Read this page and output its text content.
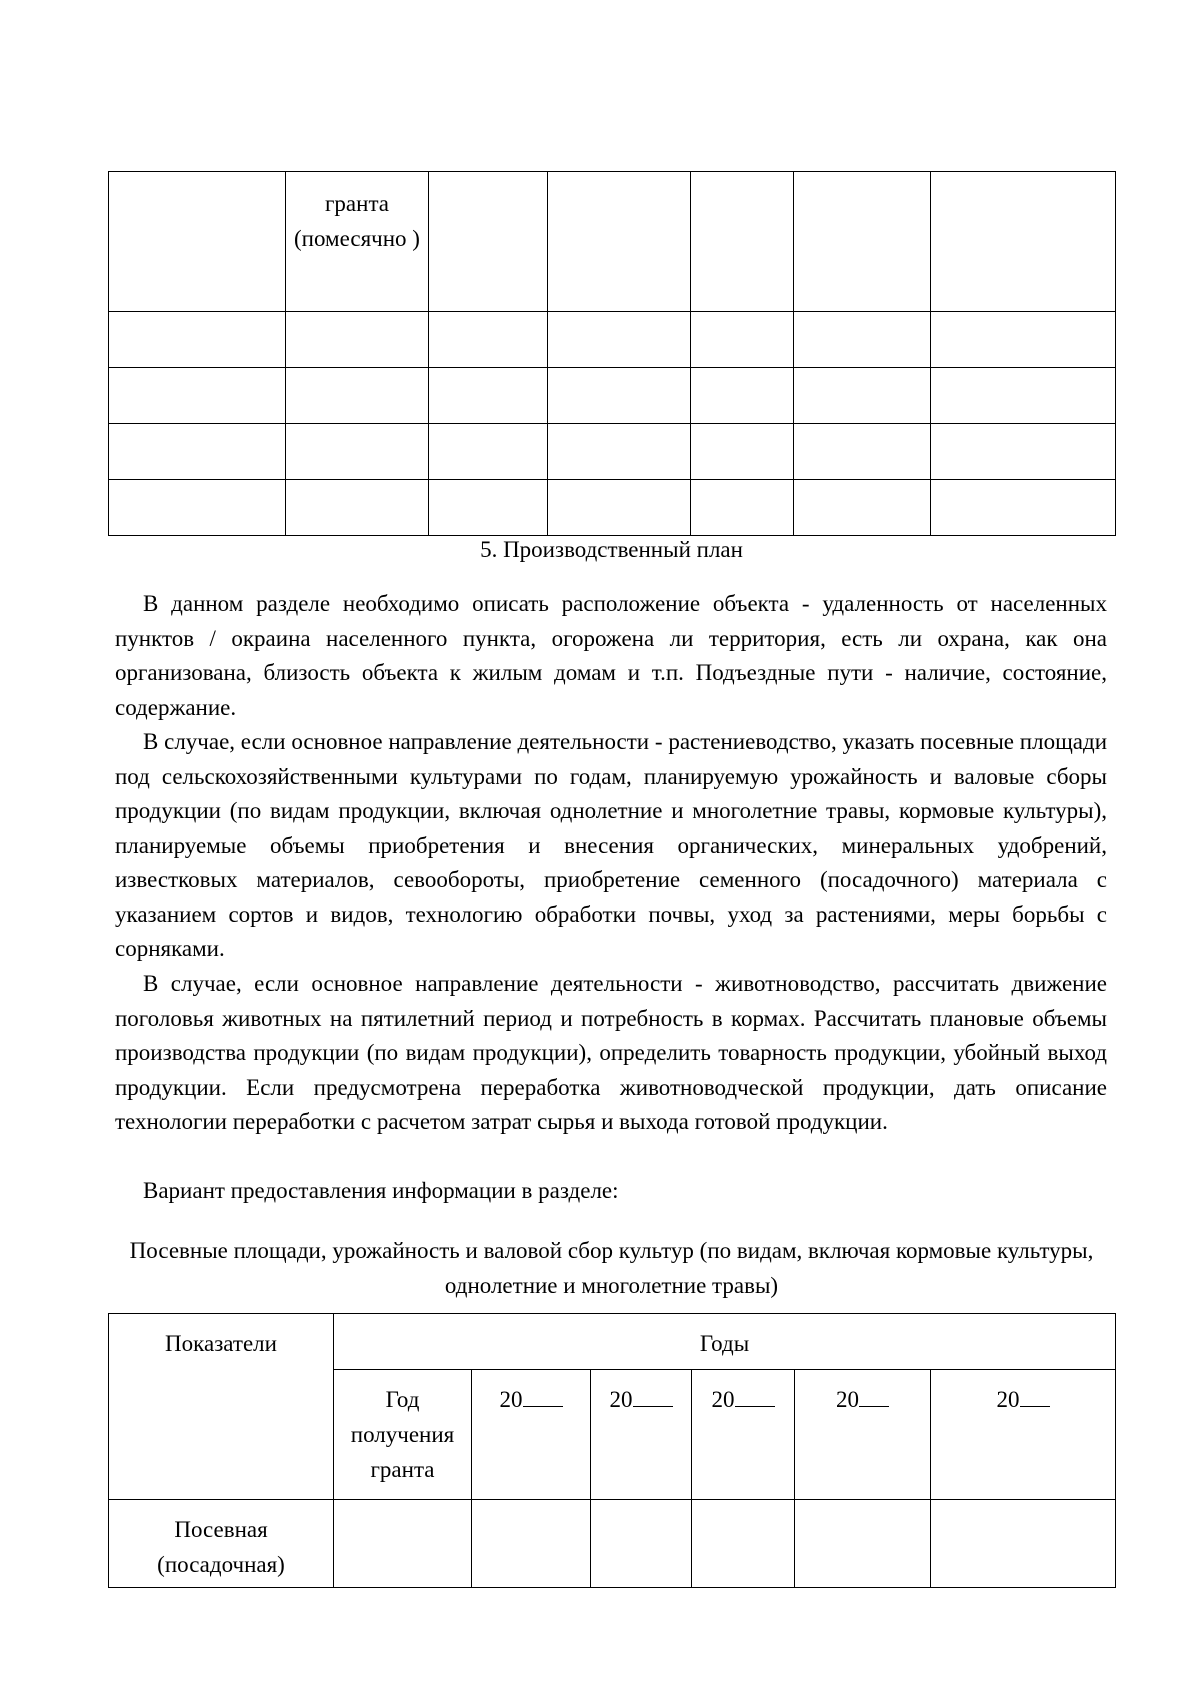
	гранта (помесячно )					

5. Производственный план

В данном разделе необходимо описать расположение объекта - удаленность от населенных пунктов / окраина населенного пункта, огорожена ли территория, есть ли охрана, как она организована, близость объекта к жилым домам и т.п. Подъездные пути - наличие, состояние, содержание.

В случае, если основное направление деятельности - растениеводство, указать посевные площади под сельскохозяйственными культурами по годам, планируемую урожайность и валовые сборы продукции (по видам продукции, включая однолетние и многолетние травы, кормовые культуры), планируемые объемы приобретения и внесения органических, минеральных удобрений, известковых материалов, севообороты, приобретение семенного (посадочного) материала с указанием сортов и видов, технологию обработки почвы, уход за растениями, меры борьбы с сорняками.

В случае, если основное направление деятельности - животноводство, рассчитать движение поголовья животных на пятилетний период и потребность в кормах. Рассчитать плановые объемы производства продукции (по видам продукции), определить товарность продукции, убойный выход продукции. Если предусмотрена переработка животноводческой продукции, дать описание технологии переработки с расчетом затрат сырья и выхода готовой продукции.

Вариант предоставления информации в разделе:

Посевные площади, урожайность и валовой сбор культур (по видам, включая кормовые культуры, однолетние и многолетние травы)

Показатели	Годы					
	Год получения гранта	20	20	20	20	20
Посевная (посадочная)						
